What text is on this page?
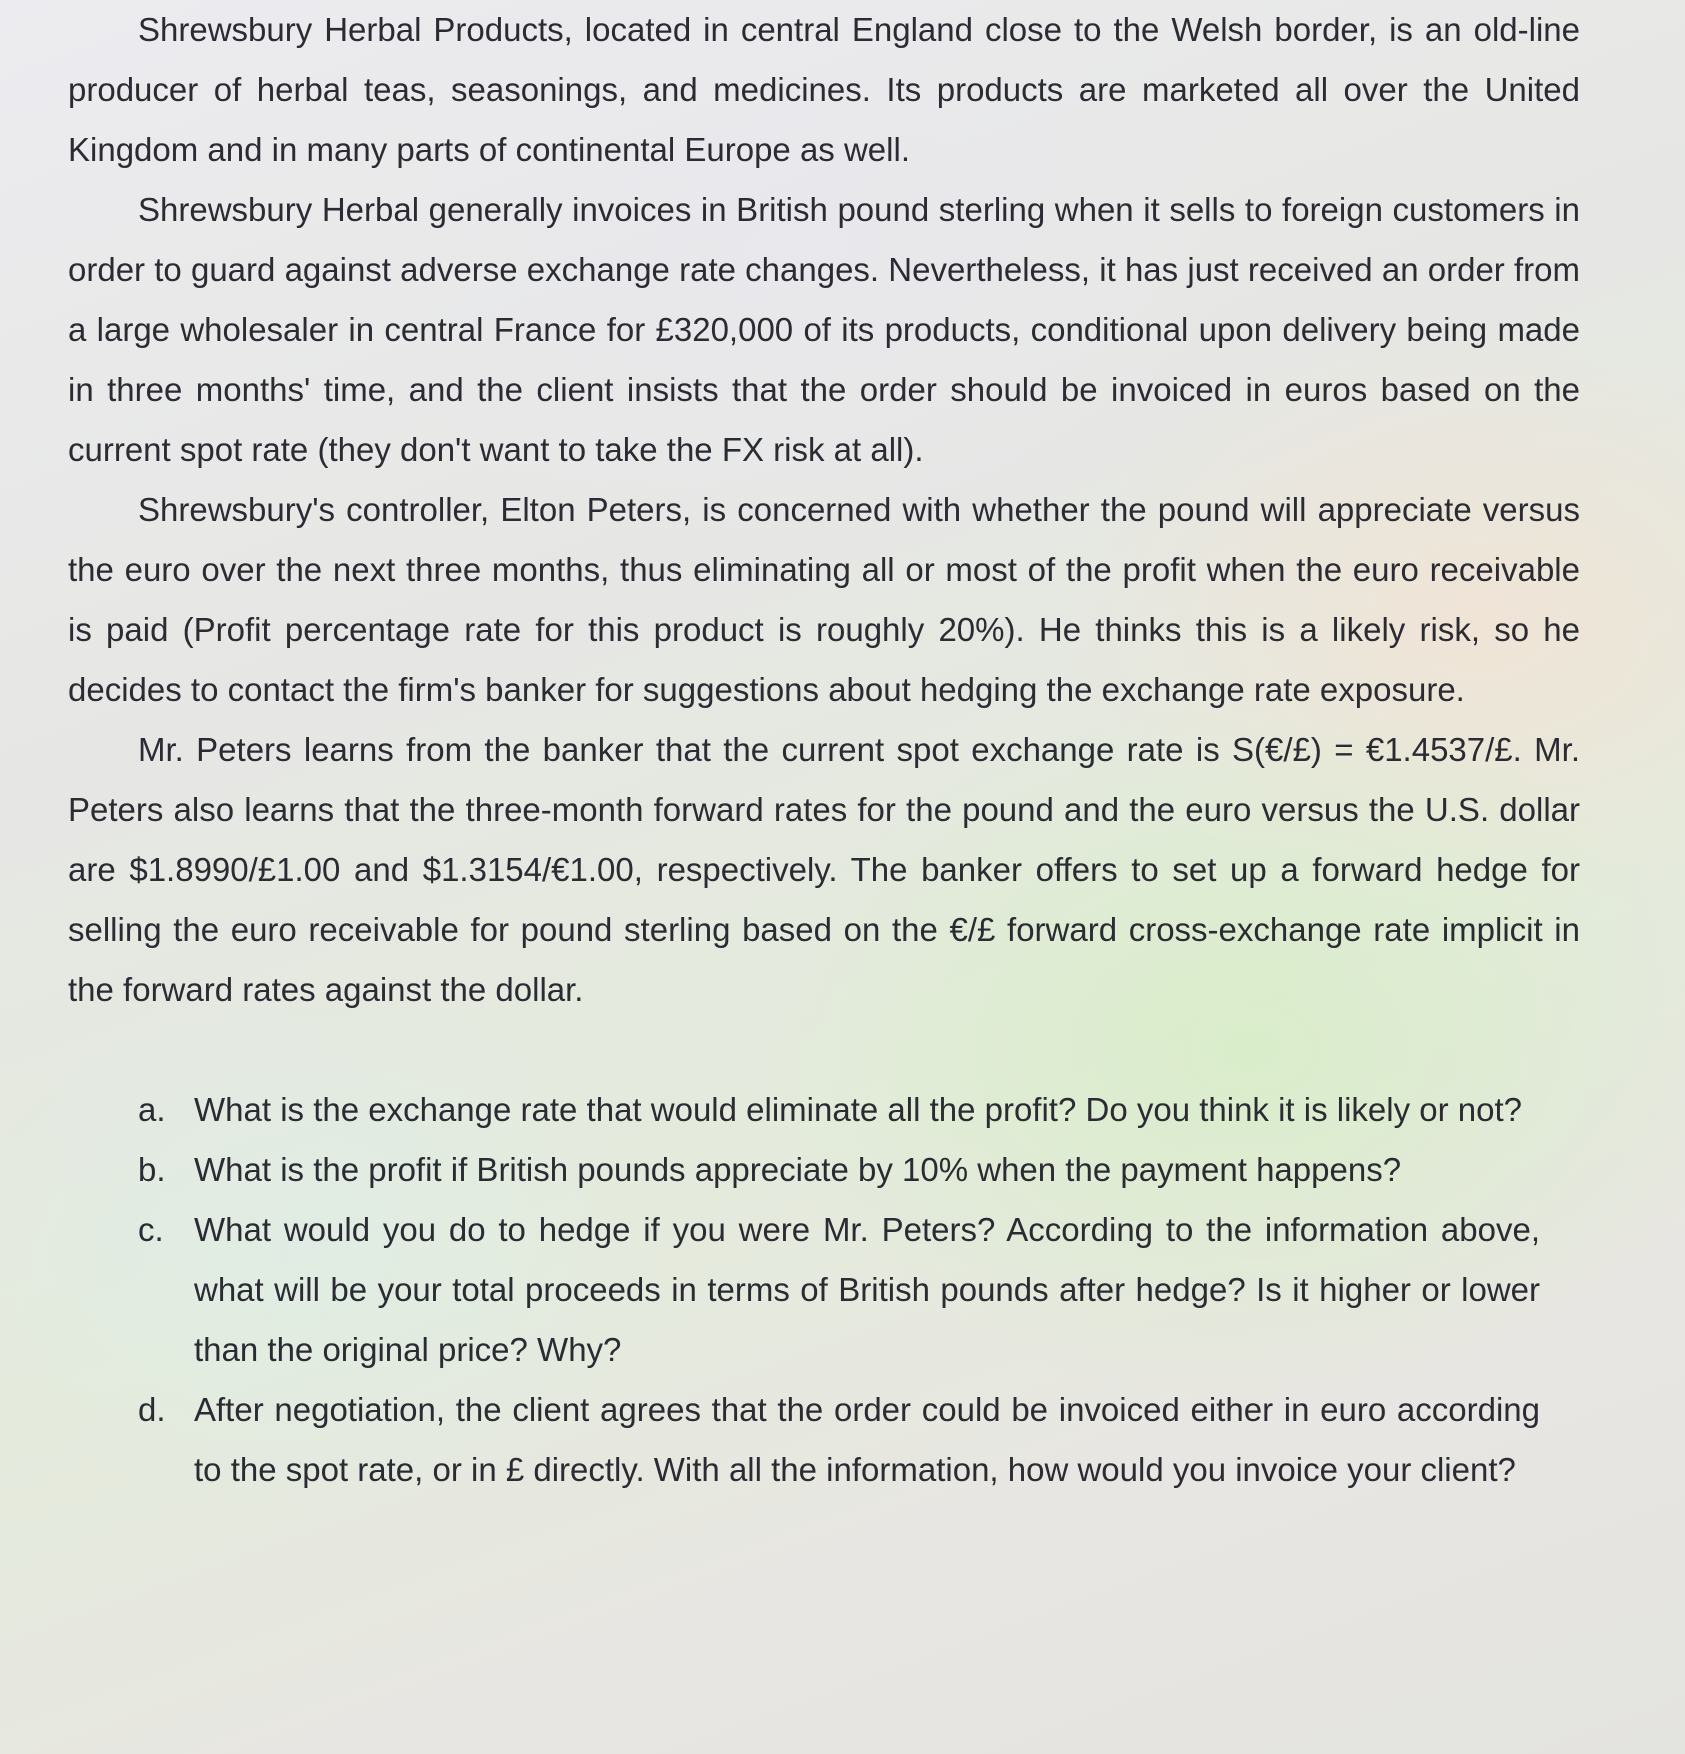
Shrewsbury Herbal Products, located in central England close to the Welsh border, is an old-line producer of herbal teas, seasonings, and medicines. Its products are marketed all over the United Kingdom and in many parts of continental Europe as well.

Shrewsbury Herbal generally invoices in British pound sterling when it sells to foreign customers in order to guard against adverse exchange rate changes. Nevertheless, it has just received an order from a large wholesaler in central France for £320,000 of its products, conditional upon delivery being made in three months' time, and the client insists that the order should be invoiced in euros based on the current spot rate (they don't want to take the FX risk at all).

Shrewsbury's controller, Elton Peters, is concerned with whether the pound will appreciate versus the euro over the next three months, thus eliminating all or most of the profit when the euro receivable is paid (Profit percentage rate for this product is roughly 20%). He thinks this is a likely risk, so he decides to contact the firm's banker for suggestions about hedging the exchange rate exposure.

Mr. Peters learns from the banker that the current spot exchange rate is S(€/£) = €1.4537/£. Mr. Peters also learns that the three-month forward rates for the pound and the euro versus the U.S. dollar are $1.8990/£1.00 and $1.3154/€1.00, respectively. The banker offers to set up a forward hedge for selling the euro receivable for pound sterling based on the €/£ forward cross-exchange rate implicit in the forward rates against the dollar.

a. What is the exchange rate that would eliminate all the profit? Do you think it is likely or not?
b. What is the profit if British pounds appreciate by 10% when the payment happens?
c. What would you do to hedge if you were Mr. Peters? According to the information above, what will be your total proceeds in terms of British pounds after hedge? Is it higher or lower than the original price? Why?
d. After negotiation, the client agrees that the order could be invoiced either in euro according to the spot rate, or in £ directly. With all the information, how would you invoice your client?
